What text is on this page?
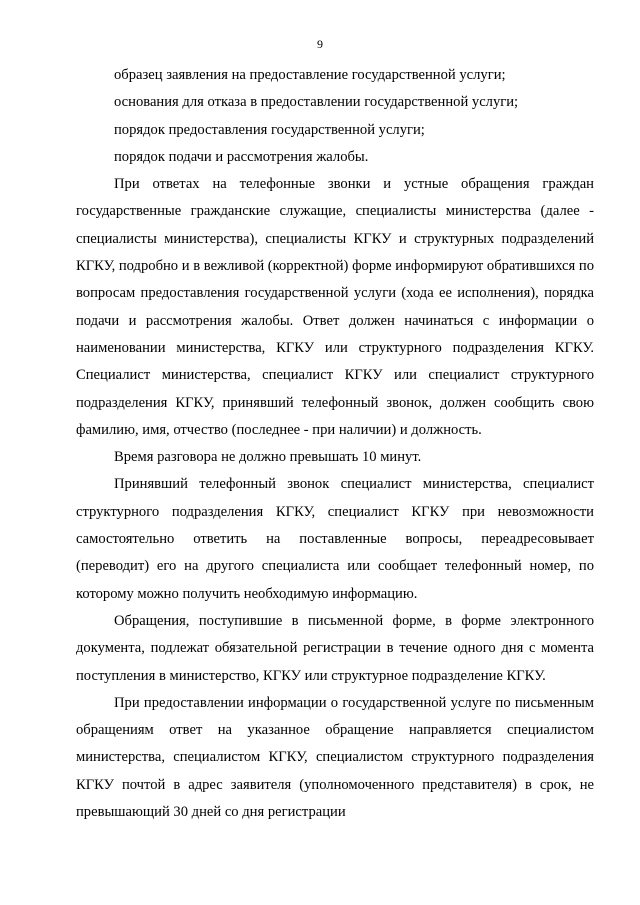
9

образец заявления на предоставление государственной услуги;

основания для отказа в предоставлении государственной услуги;

порядок предоставления государственной услуги;

порядок подачи и рассмотрения жалобы.

При ответах на телефонные звонки и устные обращения граждан государственные гражданские служащие, специалисты министерства (далее - специалисты министерства), специалисты КГКУ и структурных подразделений КГКУ, подробно и в вежливой (корректной) форме информируют обратившихся по вопросам предоставления государственной услуги (хода ее исполнения), порядка подачи и рассмотрения жалобы. Ответ должен начинаться с информации о наименовании министерства, КГКУ или структурного подразделения КГКУ. Специалист министерства, специалист КГКУ или специалист структурного подразделения КГКУ, принявший телефонный звонок, должен сообщить свою фамилию, имя, отчество (последнее - при наличии) и должность.

Время разговора не должно превышать 10 минут.

Принявший телефонный звонок специалист министерства, специалист структурного подразделения КГКУ, специалист КГКУ при невозможности самостоятельно ответить на поставленные вопросы, переадресовывает (переводит) его на другого специалиста или сообщает телефонный номер, по которому можно получить необходимую информацию.

Обращения, поступившие в письменной форме, в форме электронного документа, подлежат обязательной регистрации в течение одного дня с момента поступления в министерство, КГКУ или структурное подразделение КГКУ.

При предоставлении информации о государственной услуге по письменным обращениям ответ на указанное обращение направляется специалистом министерства, специалистом КГКУ, специалистом структурного подразделения КГКУ почтой в адрес заявителя (уполномоченного представителя) в срок, не превышающий 30 дней со дня регистрации
